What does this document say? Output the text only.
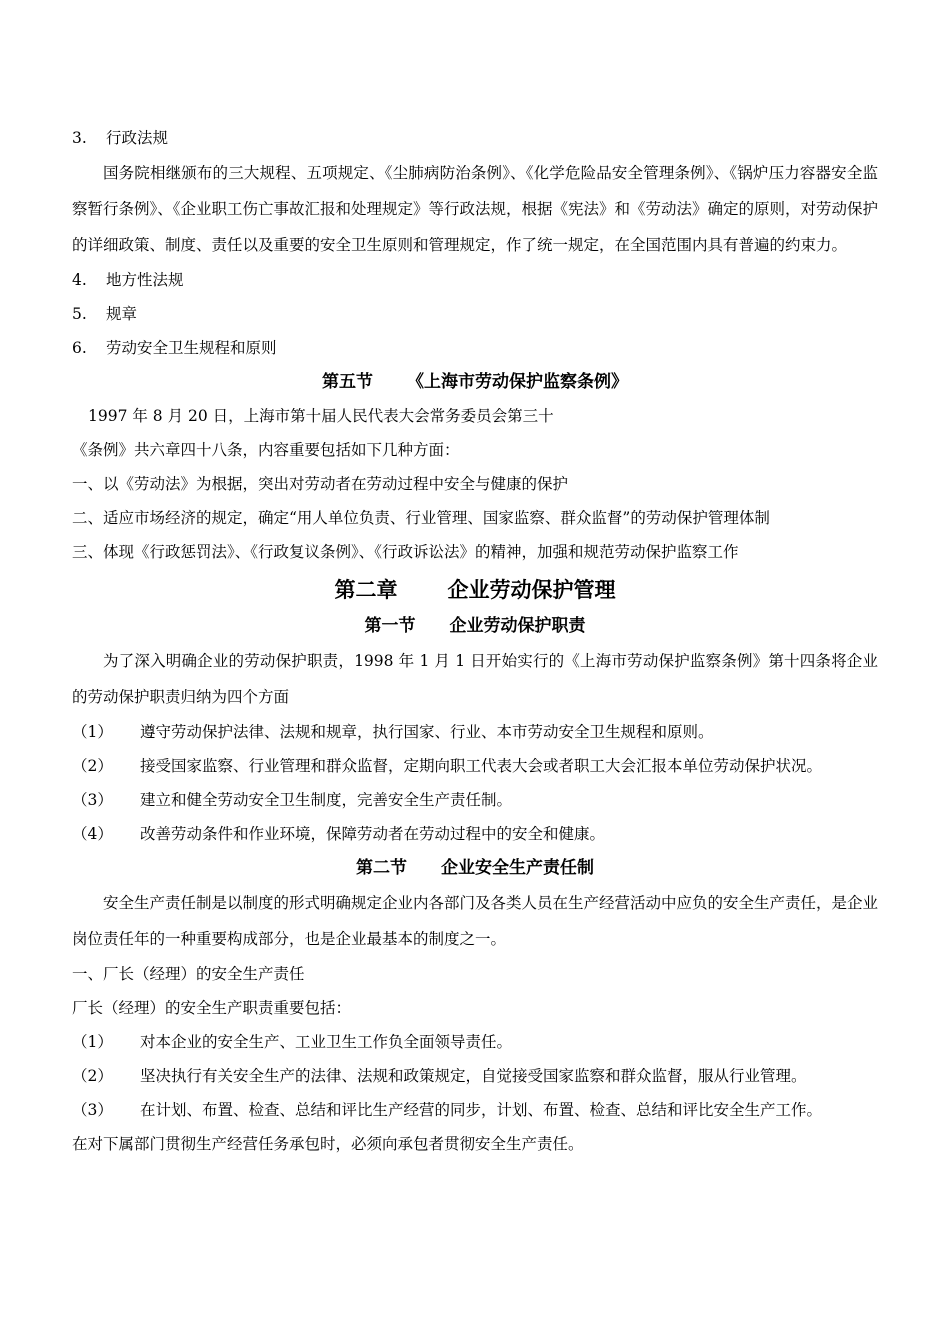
3. 行政法规
国务院相继颁布的三大规程、五项规定、《尘肺病防治条例》、《化学危险品安全管理条例》、《锅炉压力容器安全监察暂行条例》、《企业职工伤亡事故汇报和处理规定》等行政法规，根据《宪法》和《劳动法》确定的原则，对劳动保护的详细政策、制度、责任以及重要的安全卫生原则和管理规定，作了统一规定，在全国范围内具有普遍的约束力。
4. 地方性法规
5. 规章
6. 劳动安全卫生规程和原则
第五节 《上海市劳动保护监察条例》
1997 年 8 月 20 日，上海市第十届人民代表大会常务委员会第三十
《条例》共六章四十八条，内容重要包括如下几种方面：
一、以《劳动法》为根据，突出对劳动者在劳动过程中安全与健康的保护
二、适应市场经济的规定，确定“用人单位负责、行业管理、国家监察、群众监督”的劳动保护管理体制
三、体现《行政惩罚法》、《行政复议条例》、《行政诉讼法》的精神，加强和规范劳动保护监察工作
第二章 企业劳动保护管理
第一节 企业劳动保护职责
为了深入明确企业的劳动保护职责，1998 年 1 月 1 日开始实行的《上海市劳动保护监察条例》第十四条将企业的劳动保护职责归纳为四个方面
（1） 遵守劳动保护法律、法规和规章，执行国家、行业、本市劳动安全卫生规程和原则。
（2） 接受国家监察、行业管理和群众监督，定期向职工代表大会或者职工大会汇报本单位劳动保护状况。
（3） 建立和健全劳动安全卫生制度，完善安全生产责任制。
（4） 改善劳动条件和作业环境，保障劳动者在劳动过程中的安全和健康。
第二节 企业安全生产责任制
安全生产责任制是以制度的形式明确规定企业内各部门及各类人员在生产经营活动中应负的安全生产责任，是企业岗位责任年的一种重要构成部分，也是企业最基本的制度之一。
一、厂长（经理）的安全生产责任
厂长（经理）的安全生产职责重要包括：
（1） 对本企业的安全生产、工业卫生工作负全面领导责任。
（2） 坚决执行有关安全生产的法律、法规和政策规定，自觉接受国家监察和群众监督，服从行业管理。
（3） 在计划、布置、检查、总结和评比生产经营的同步，计划、布置、检查、总结和评比安全生产工作。
在对下属部门贯彻生产经营任务承包时，必须向承包者贯彻安全生产责任。
